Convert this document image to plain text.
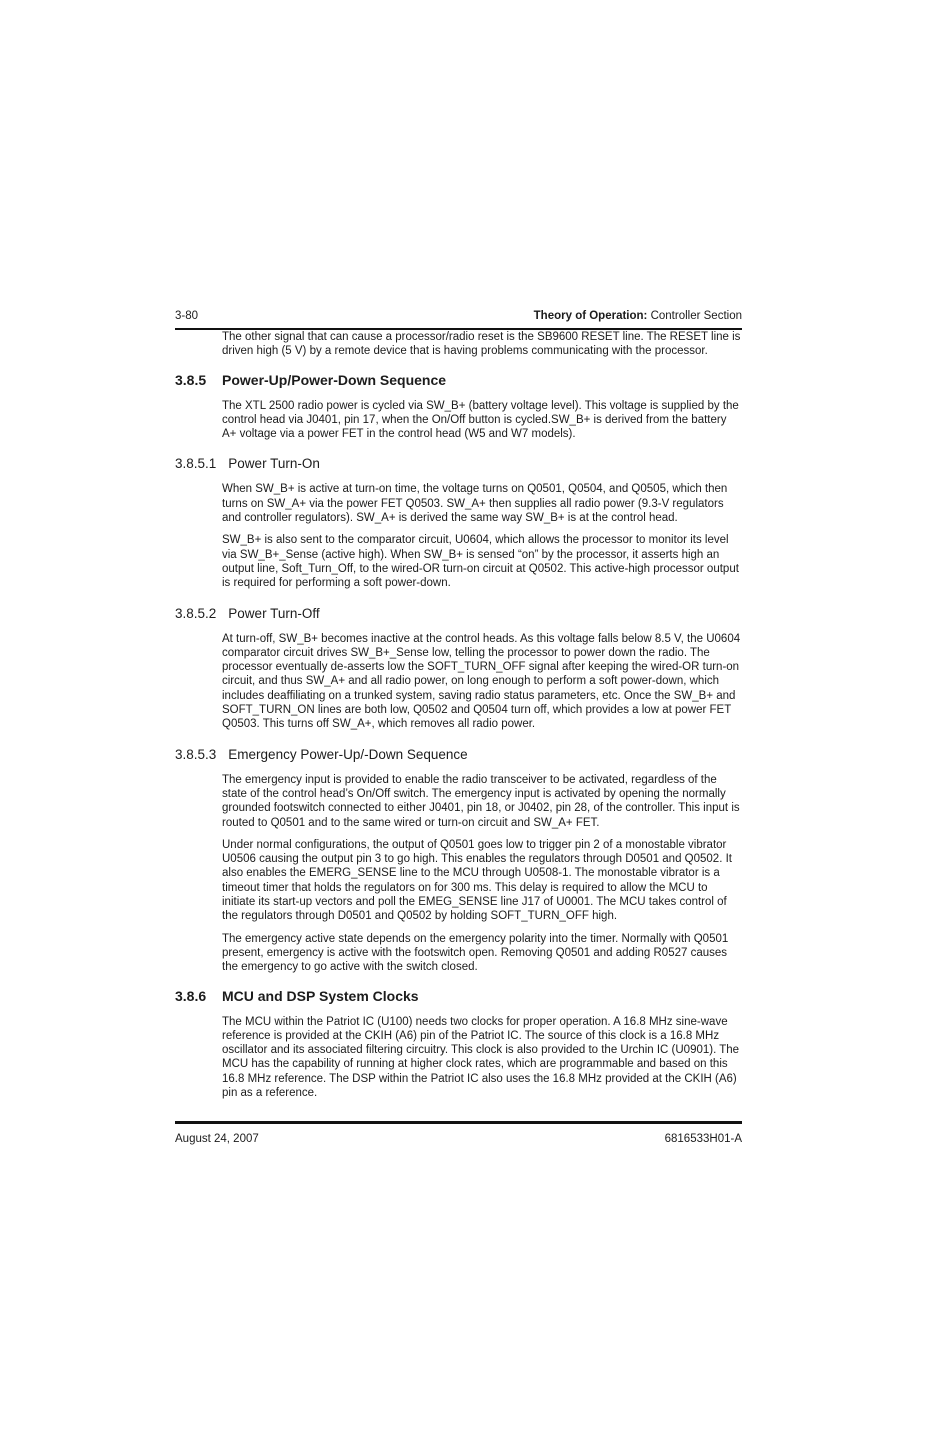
3-80	Theory of Operation: Controller Section

The other signal that can cause a processor/radio reset is the SB9600 RESET line. The RESET line is driven high (5 V) by a remote device that is having problems communicating with the processor.

3.8.5 Power-Up/Power-Down Sequence

The XTL 2500 radio power is cycled via SW_B+ (battery voltage level). This voltage is supplied by the control head via J0401, pin 17, when the On/Off button is cycled.SW_B+ is derived from the battery A+ voltage via a power FET in the control head (W5 and W7 models).

3.8.5.1 Power Turn-On

When SW_B+ is active at turn-on time, the voltage turns on Q0501, Q0504, and Q0505, which then turns on SW_A+ via the power FET Q0503. SW_A+ then supplies all radio power (9.3-V regulators and controller regulators). SW_A+ is derived the same way SW_B+ is at the control head.

SW_B+ is also sent to the comparator circuit, U0604, which allows the processor to monitor its level via SW_B+_Sense (active high). When SW_B+ is sensed “on” by the processor, it asserts high an output line, Soft_Turn_Off, to the wired-OR turn-on circuit at Q0502. This active-high processor output is required for performing a soft power-down.

3.8.5.2 Power Turn-Off

At turn-off, SW_B+ becomes inactive at the control heads. As this voltage falls below 8.5 V, the U0604 comparator circuit drives SW_B+_Sense low, telling the processor to power down the radio. The processor eventually de-asserts low the SOFT_TURN_OFF signal after keeping the wired-OR turn-on circuit, and thus SW_A+ and all radio power, on long enough to perform a soft power-down, which includes deaffiliating on a trunked system, saving radio status parameters, etc. Once the SW_B+ and SOFT_TURN_ON lines are both low, Q0502 and Q0504 turn off, which provides a low at power FET Q0503. This turns off SW_A+, which removes all radio power.

3.8.5.3 Emergency Power-Up/-Down Sequence

The emergency input is provided to enable the radio transceiver to be activated, regardless of the state of the control head’s On/Off switch. The emergency input is activated by opening the normally grounded footswitch connected to either J0401, pin 18, or J0402, pin 28, of the controller. This input is routed to Q0501 and to the same wired or turn-on circuit and SW_A+ FET.

Under normal configurations, the output of Q0501 goes low to trigger pin 2 of a monostable vibrator U0506 causing the output pin 3 to go high. This enables the regulators through D0501 and Q0502. It also enables the EMERG_SENSE line to the MCU through U0508-1. The monostable vibrator is a timeout timer that holds the regulators on for 300 ms. This delay is required to allow the MCU to initiate its start-up vectors and poll the EMEG_SENSE line J17 of U0001. The MCU takes control of the regulators through D0501 and Q0502 by holding SOFT_TURN_OFF high.

The emergency active state depends on the emergency polarity into the timer. Normally with Q0501 present, emergency is active with the footswitch open. Removing Q0501 and adding R0527 causes the emergency to go active with the switch closed.

3.8.6 MCU and DSP System Clocks

The MCU within the Patriot IC (U100) needs two clocks for proper operation. A 16.8 MHz sine-wave reference is provided at the CKIH (A6) pin of the Patriot IC. The source of this clock is a 16.8 MHz oscillator and its associated filtering circuitry. This clock is also provided to the Urchin IC (U0901). The MCU has the capability of running at higher clock rates, which are programmable and based on this 16.8 MHz reference. The DSP within the Patriot IC also uses the 16.8 MHz provided at the CKIH (A6) pin as a reference.

August 24, 2007	6816533H01-A
